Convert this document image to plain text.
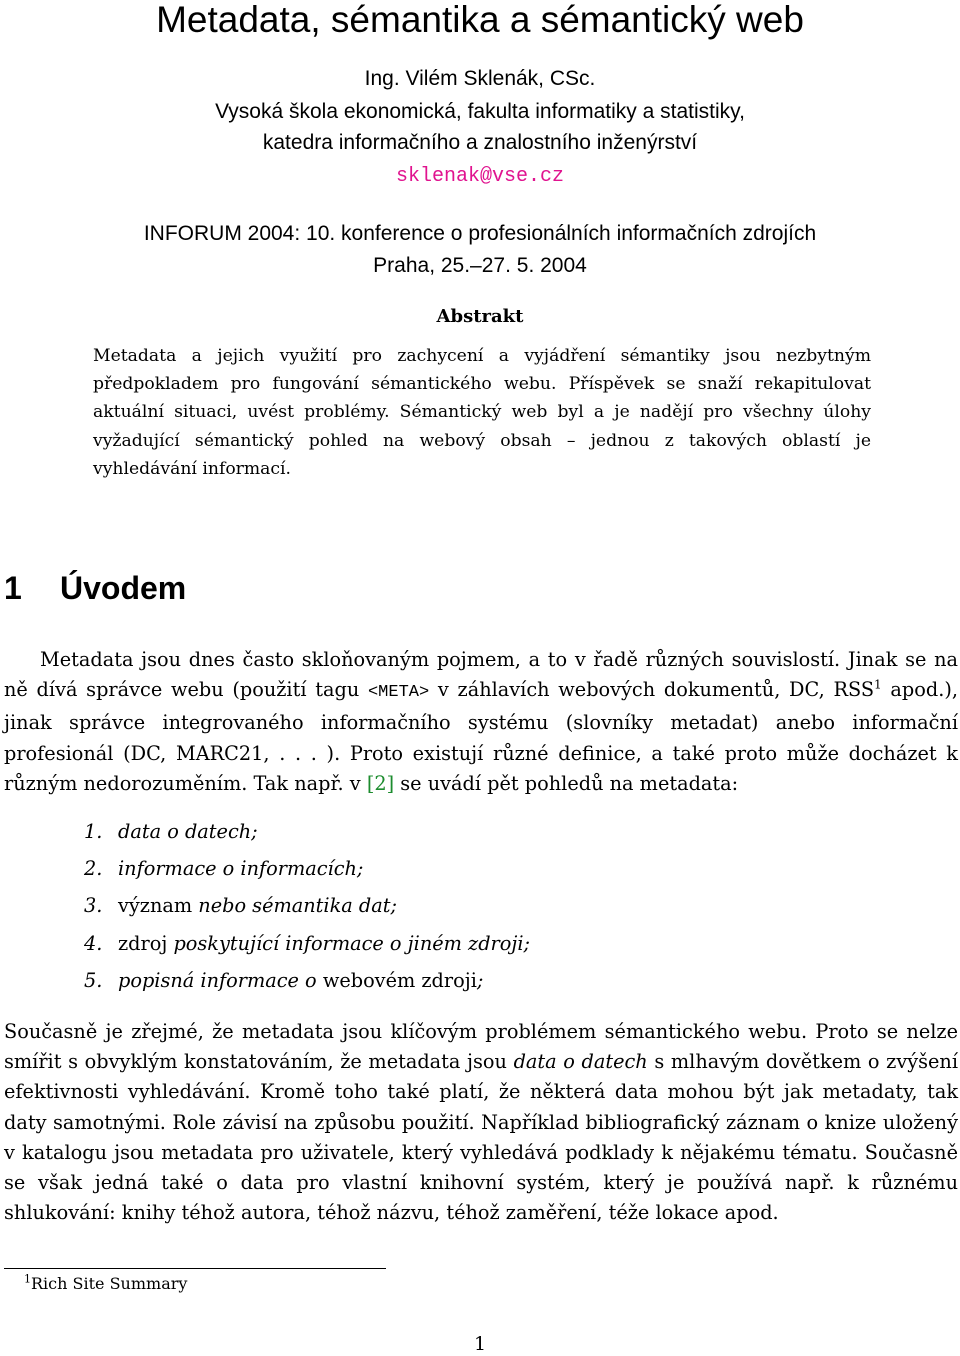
Metadata, sémantika a sémantický web
Ing. Vilém Sklenák, CSc.
Vysoká škola ekonomická, fakulta informatiky a statistiky,
katedra informačního a znalostního inženýrství
sklenak@vse.cz
INFORUM 2004: 10. konference o profesionálních informačních zdrojích
Praha, 25.–27. 5. 2004
Abstrakt

Metadata a jejich využití pro zachycení a vyjádření sémantiky jsou nezbytným předpokladem pro fungování sémantického webu. Příspěvek se snaží rekapitulovat aktuální situaci, uvést problémy. Sémantický web byl a je nadějí pro všechny úlohy vyžadující sémantický pohled na webový obsah – jednou z takových oblastí je vyhledávání informací.

1 Úvodem

Metadata jsou dnes často skloňovaným pojmem, a to v řadě různých souvislostí. Jinak se na ně dívá správce webu (použití tagu <META> v záhlavích webových dokumentů, DC, RSS$^1$ apod.), jinak správce integrovaného informačního systému (slovníky metadat) anebo informační profesionál (DC, MARC21, . . . ). Proto existují různé definice, a také proto může docházet k různým nedorozuměním. Tak např. v [2] se uvádí pět pohledů na metadata:

1. data o datech;
2. informace o informacích;
3. význam nebo sémantika dat;
4. zdroj poskytující informace o jiném zdroji;
5. popisná informace o webovém zdroji;

Současně je zřejmé, že metadata jsou klíčovým problémem sémantického webu. Proto se nelze smířit s obvyklým konstatováním, že metadata jsou data o datech s mlhavým dovětkem o zvýšení efektivnosti vyhledávání. Kromě toho také platí, že některá data mohou být jak metadaty, tak daty samotnými. Role závisí na způsobu použití. Například bibliografický záznam o knize uložený v katalogu jsou metadata pro uživatele, který vyhledává podklady k nějakému tématu. Současně se však jedná také o data pro vlastní knihovní systém, který je používá např. k různému shlukování: knihy téhož autora, téhož názvu, téhož zaměření, téže lokace apod.

$^1$Rich Site Summary
1
